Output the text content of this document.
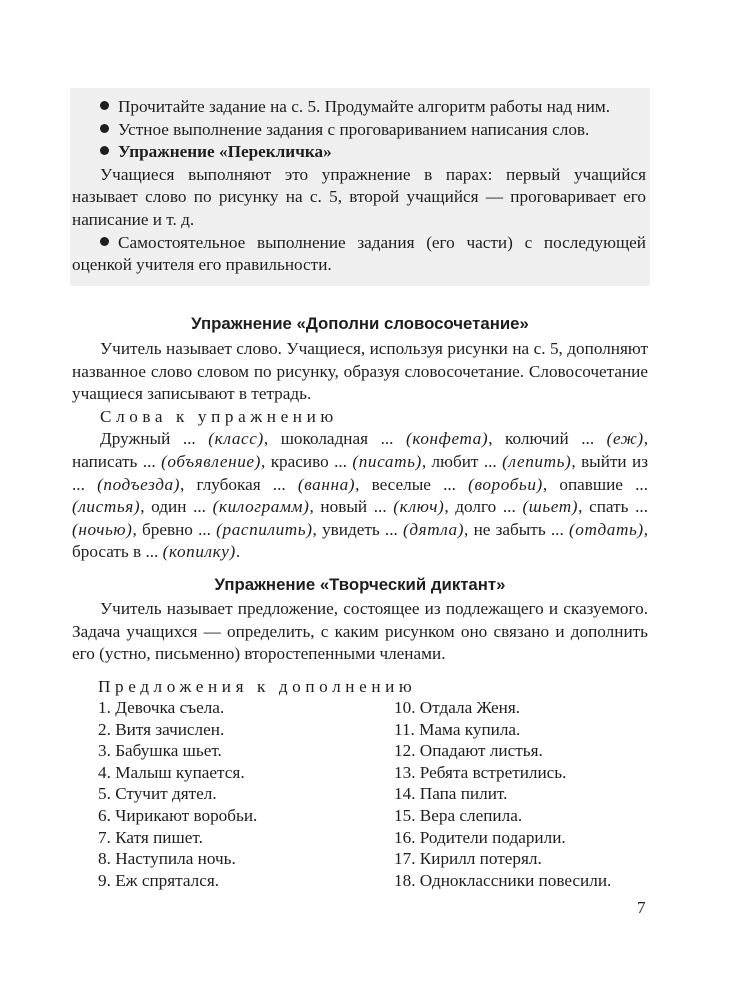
Прочитайте задание на с. 5. Продумайте алгоритм работы над ним.

Устное выполнение задания с проговариванием написания слов.

Упражнение «Перекличка»

Учащиеся выполняют это упражнение в парах: первый учащийся называет слово по рисунку на с. 5, второй учащийся — проговаривает его написание и т. д.

Самостоятельное выполнение задания (его части) с последующей оценкой учителя его правильности.

Упражнение «Дополни словосочетание»

Учитель называет слово. Учащиеся, используя рисунки на с. 5, дополняют названное слово словом по рисунку, образуя словосочетание. Словосочетание учащиеся записывают в тетрадь.

Слова к упражнению

Дружный ... (класс), шоколадная ... (конфета), колючий ... (еж), написать ... (объявление), красиво ... (писать), любит ... (лепить), выйти из ... (подъезда), глубокая ... (ванна), веселые ... (воробьи), опавшие ... (листья), один ... (килограмм), новый ... (ключ), долго ... (шьет), спать ... (ночью), бревно ... (распилить), увидеть ... (дятла), не забыть ... (отдать), бросать в ... (копилку).

Упражнение «Творческий диктант»

Учитель называет предложение, состоящее из подлежащего и сказуемого. Задача учащихся — определить, с каким рисунком оно связано и дополнить его (устно, письменно) второстепенными членами.

Предложения к дополнению

1. Девочка съела.
2. Витя зачислен.
3. Бабушка шьет.
4. Малыш купается.
5. Стучит дятел.
6. Чирикают воробьи.
7. Катя пишет.
8. Наступила ночь.
9. Еж спрятался.
10. Отдала Женя.
11. Мама купила.
12. Опадают листья.
13. Ребята встретились.
14. Папа пилит.
15. Вера слепила.
16. Родители подарили.
17. Кирилл потерял.
18. Одноклассники повесили.
7
